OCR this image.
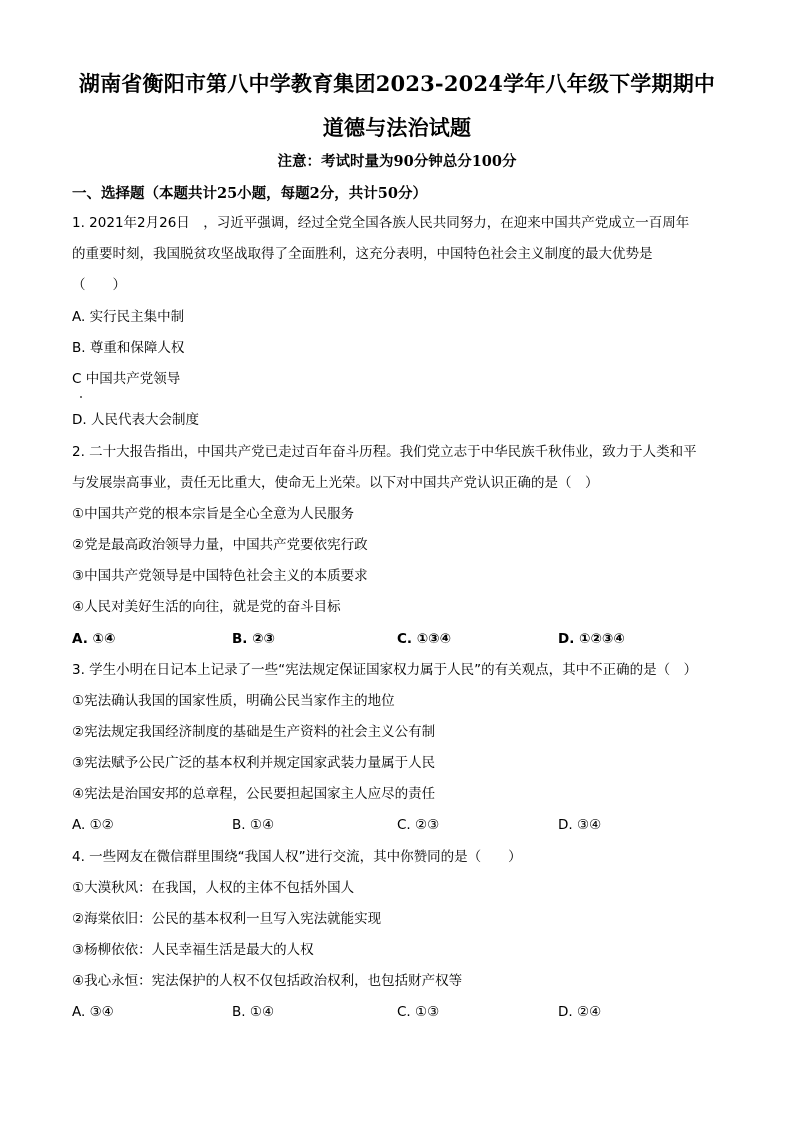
湖南省衡阳市第八中学教育集团2023-2024学年八年级下学期期中
道德与法治试题
注意：考试时量为90分钟总分100分
一、选择题（本题共计25小题，每题2分，共计50分）
1. 2021年2月26日　，习近平强调，经过全党全国各族人民共同努力，在迎来中国共产党成立一百周年
的重要时刻，我国脱贫攻坚战取得了全面胜利，这充分表明，中国特色社会主义制度的最大优势是
（　　）
A. 实行民主集中制
B. 尊重和保障人权
C 中国共产党领导
D. 人民代表大会制度
2. 二十大报告指出，中国共产党已走过百年奋斗历程。我们党立志于中华民族千秋伟业，致力于人类和平
与发展崇高事业，责任无比重大，使命无上光荣。以下对中国共产党认识正确的是（　）
①中国共产党的根本宗旨是全心全意为人民服务
②党是最高政治领导力量，中国共产党要依宪行政
③中国共产党领导是中国特色社会主义的本质要求
④人民对美好生活的向往，就是党的奋斗目标
A. ①④	B. ②③	C. ①③④	D. ①②③④
3. 学生小明在日记本上记录了一些“宪法规定保证国家权力属于人民”的有关观点，其中不正确的是（　）
①宪法确认我国的国家性质，明确公民当家作主的地位
②宪法规定我国经济制度的基础是生产资料的社会主义公有制
③宪法赋予公民广泛的基本权利并规定国家武装力量属于人民
④宪法是治国安邦的总章程，公民要担起国家主人应尽的责任
A. ①②	B. ①④	C. ②③	D. ③④
4. 一些网友在微信群里围绕“我国人权”进行交流，其中你赞同的是（　　）
①大漠秋风：在我国，人权的主体不包括外国人
②海棠依旧：公民的基本权利一旦写入宪法就能实现
③杨柳依依：人民幸福生活是最大的人权
④我心永恒：宪法保护的人权不仅包括政治权利，也包括财产权等
A. ③④	B. ①④	C. ①③	D. ②④
